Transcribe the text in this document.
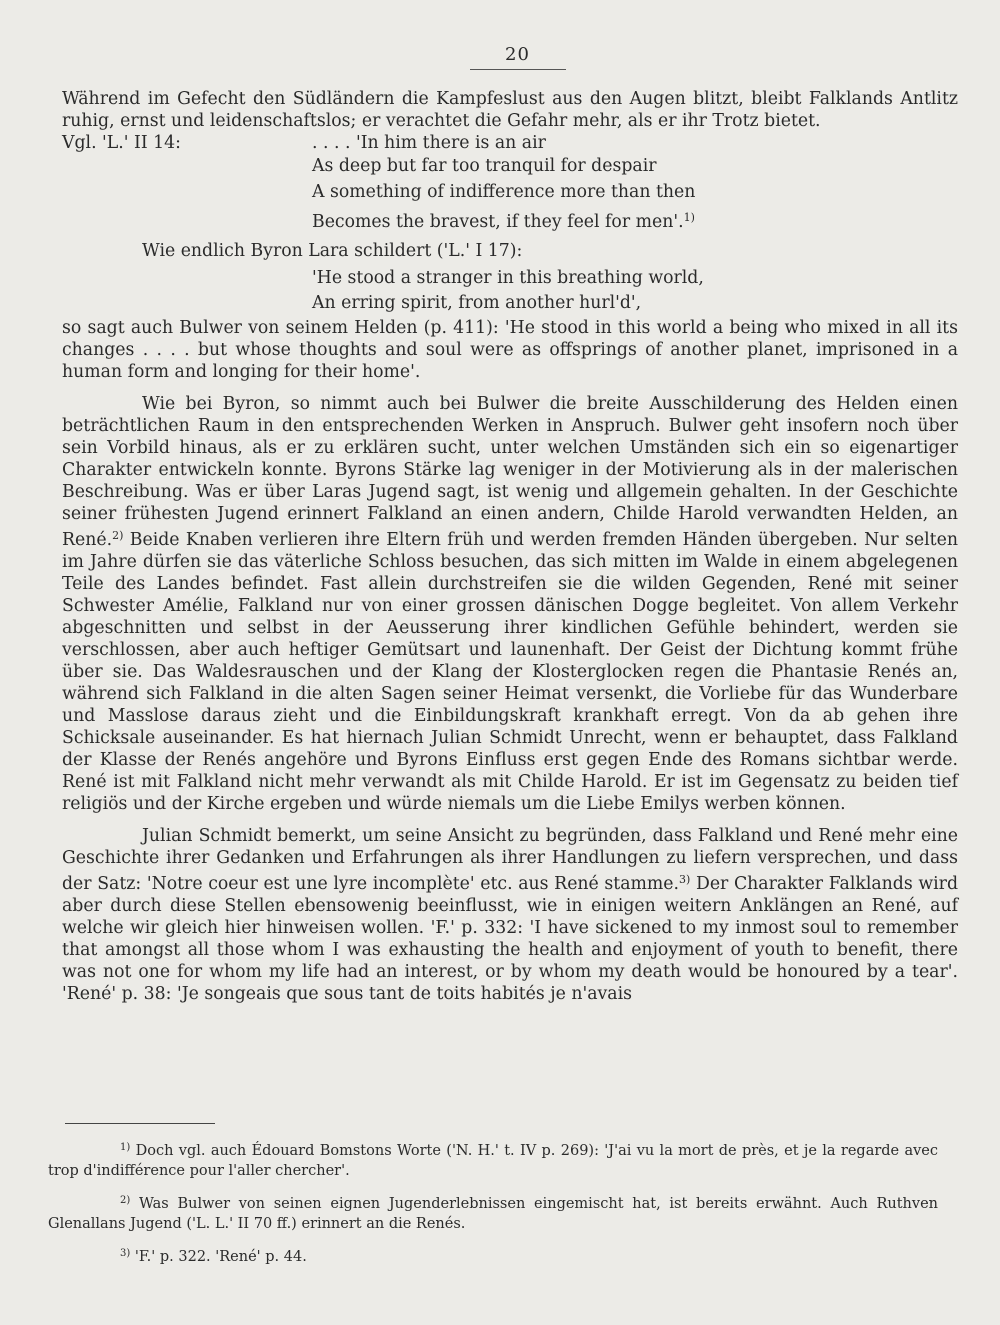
20

Während im Gefecht den Südländern die Kampfeslust aus den Augen blitzt, bleibt Falklands Antlitz ruhig, ernst und leidenschaftslos; er verachtet die Gefahr mehr, als er ihr Trotz bietet.

Vgl. 'L.' II 14:	. . . . 'In him there is an air
As deep but far too tranquil for despair
A something of indifference more than then
Becomes the bravest, if they feel for men'.$^{1)}$

Wie endlich Byron Lara schildert ('L.' I 17):

'He stood a stranger in this breathing world,
An erring spirit, from another hurl'd',

so sagt auch Bulwer von seinem Helden (p. 411): 'He stood in this world a being who mixed in all its changes . . . . but whose thoughts and soul were as offsprings of another planet, imprisoned in a human form and longing for their home'.

Wie bei Byron, so nimmt auch bei Bulwer die breite Ausschilderung des Helden einen beträchtlichen Raum in den entsprechenden Werken in Anspruch. Bulwer geht insofern noch über sein Vorbild hinaus, als er zu erklären sucht, unter welchen Umständen sich ein so eigenartiger Charakter entwickeln konnte. Byrons Stärke lag weniger in der Motivierung als in der malerischen Beschreibung. Was er über Laras Jugend sagt, ist wenig und allgemein gehalten. In der Geschichte seiner frühesten Jugend erinnert Falkland an einen andern, Childe Harold verwandten Helden, an René.$^{2)}$ Beide Knaben verlieren ihre Eltern früh und werden fremden Händen übergeben. Nur selten im Jahre dürfen sie das väterliche Schloss besuchen, das sich mitten im Walde in einem abgelegenen Teile des Landes befindet. Fast allein durchstreifen sie die wilden Gegenden, René mit seiner Schwester Amélie, Falkland nur von einer grossen dänischen Dogge begleitet. Von allem Verkehr abgeschnitten und selbst in der Aeusserung ihrer kindlichen Gefühle behindert, werden sie verschlossen, aber auch heftiger Gemütsart und launenhaft. Der Geist der Dichtung kommt frühe über sie. Das Waldesrauschen und der Klang der Klosterglocken regen die Phantasie Renés an, während sich Falkland in die alten Sagen seiner Heimat versenkt, die Vorliebe für das Wunderbare und Masslose daraus zieht und die Einbildungskraft krankhaft erregt. Von da ab gehen ihre Schicksale auseinander. Es hat hiernach Julian Schmidt Unrecht, wenn er behauptet, dass Falkland der Klasse der Renés angehöre und Byrons Einfluss erst gegen Ende des Romans sichtbar werde. René ist mit Falkland nicht mehr verwandt als mit Childe Harold. Er ist im Gegensatz zu beiden tief religiös und der Kirche ergeben und würde niemals um die Liebe Emilys werben können.

Julian Schmidt bemerkt, um seine Ansicht zu begründen, dass Falkland und René mehr eine Geschichte ihrer Gedanken und Erfahrungen als ihrer Handlungen zu liefern versprechen, und dass der Satz: 'Notre coeur est une lyre incomplète' etc. aus René stamme.$^{3)}$ Der Charakter Falklands wird aber durch diese Stellen ebensowenig beeinflusst, wie in einigen weitern Anklängen an René, auf welche wir gleich hier hinweisen wollen. 'F.' p. 332: 'I have sickened to my inmost soul to remember that amongst all those whom I was exhausting the health and enjoyment of youth to benefit, there was not one for whom my life had an interest, or by whom my death would be honoured by a tear'. 'René' p. 38: 'Je songeais que sous tant de toits habités je n'avais

$^{1)}$ Doch vgl. auch Édouard Bomstons Worte ('N. H.' t. IV p. 269): 'J'ai vu la mort de près, et je la regarde avec trop d'indifférence pour l'aller chercher'.

$^{2)}$ Was Bulwer von seinen eignen Jugenderlebnissen eingemischt hat, ist bereits erwähnt. Auch Ruthven Glenallans Jugend ('L. L.' II 70 ff.) erinnert an die Renés.

$^{3)}$ 'F.' p. 322. 'René' p. 44.
